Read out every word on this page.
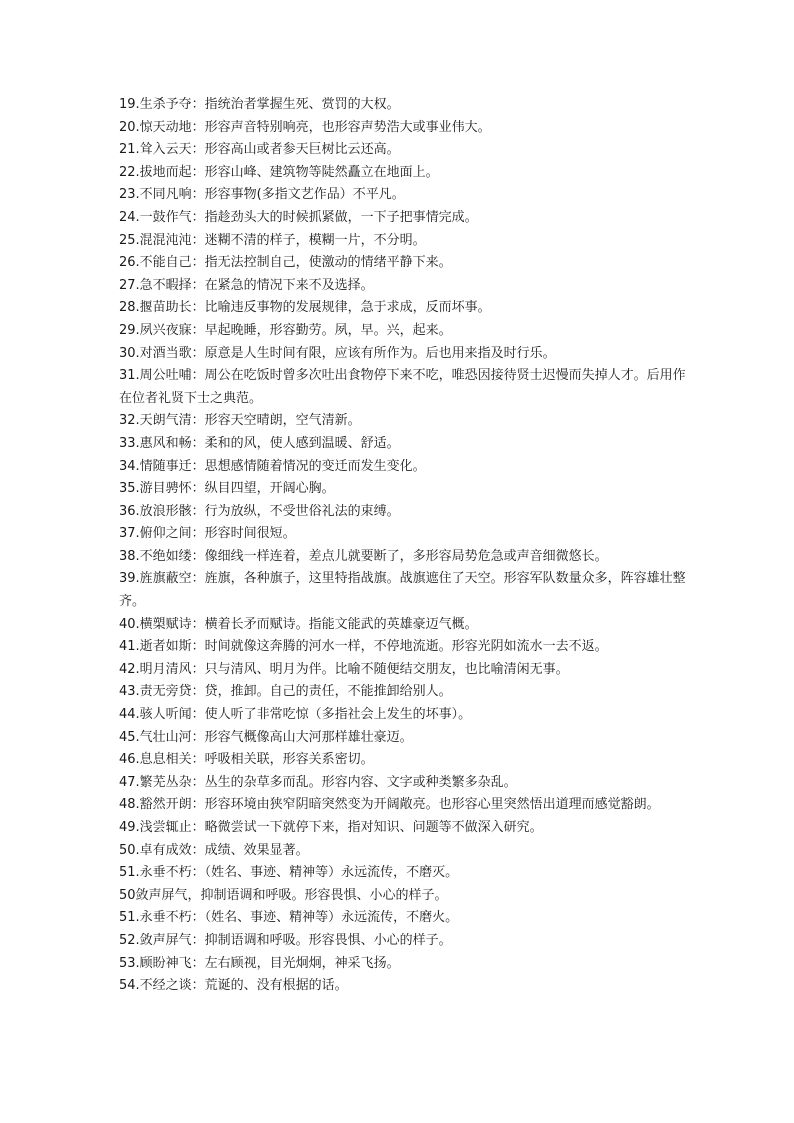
19.生杀予夺：指统治者掌握生死、赏罚的大权。

20.惊天动地：形容声音特别响亮，也形容声势浩大或事业伟大。

21.耸入云天：形容高山或者参天巨树比云还高。

22.拔地而起：形容山峰、建筑物等陡然矗立在地面上。

23.不同凡响：形容事物(多指文艺作品）不平凡。

24.一鼓作气：指趁劲头大的时候抓紧做，一下子把事情完成。

25.混混沌沌：迷糊不清的样子，模糊一片，不分明。

26.不能自己：指无法控制自己，使激动的情绪平静下来。

27.急不暇择：在紧急的情况下来不及选择。

28.揠苗助长：比喻违反事物的发展规律，急于求成，反而坏事。

29.夙兴夜寐：早起晚睡，形容勤劳。夙，早。兴，起来。

30.对酒当歌：原意是人生时间有限，应该有所作为。后也用来指及时行乐。

31.周公吐哺：周公在吃饭时曾多次吐出食物停下来不吃，唯恐因接待贤士迟慢而失掉人才。后用作在位者礼贤下士之典范。

32.天朗气清：形容天空晴朗，空气清新。

33.惠风和畅：柔和的风，使人感到温暖、舒适。

34.情随事迁：思想感情随着情况的变迁而发生变化。

35.游目骋怀：纵目四望，开阔心胸。

36.放浪形骸：行为放纵，不受世俗礼法的束缚。

37.俯仰之间：形容时间很短。

38.不绝如缕：像细线一样连着，差点儿就要断了，多形容局势危急或声音细微悠长。

39.旌旗蔽空：旌旗，各种旗子，这里特指战旗。战旗遮住了天空。形容军队数量众多，阵容雄壮整齐。

40.横槊赋诗：横着长矛而赋诗。指能文能武的英雄豪迈气概。

41.逝者如斯：时间就像这奔腾的河水一样，不停地流逝。形容光阴如流水一去不返。

42.明月清风：只与清风、明月为伴。比喻不随便结交朋友，也比喻清闲无事。

43.责无旁贷：贷，推卸。自己的责任，不能推卸给别人。

44.骇人听闻：使人听了非常吃惊（多指社会上发生的坏事）。

45.气壮山河：形容气概像高山大河那样雄壮豪迈。

46.息息相关：呼吸相关联，形容关系密切。

47.繁芜丛杂：丛生的杂草多而乱。形容内容、文字或种类繁多杂乱。

48.豁然开朗：形容环境由狭窄阴暗突然变为开阔敞亮。也形容心里突然悟出道理而感觉豁朗。

49.浅尝辄止：略微尝试一下就停下来，指对知识、问题等不做深入研究。

50.卓有成效：成绩、效果显著。

51.永垂不朽：（姓名、事迹、精神等）永远流传，不磨灭。

50敛声屏气，抑制语调和呼吸。形容畏惧、小心的样子。

51.永垂不朽：（姓名、事迹、精神等）永远流传，不磨火。

52.敛声屏气：抑制语调和呼吸。形容畏惧、小心的样子。

53.顾盼神飞：左右顾视，目光炯炯，神采飞扬。

54.不经之谈：荒诞的、没有根据的话。
